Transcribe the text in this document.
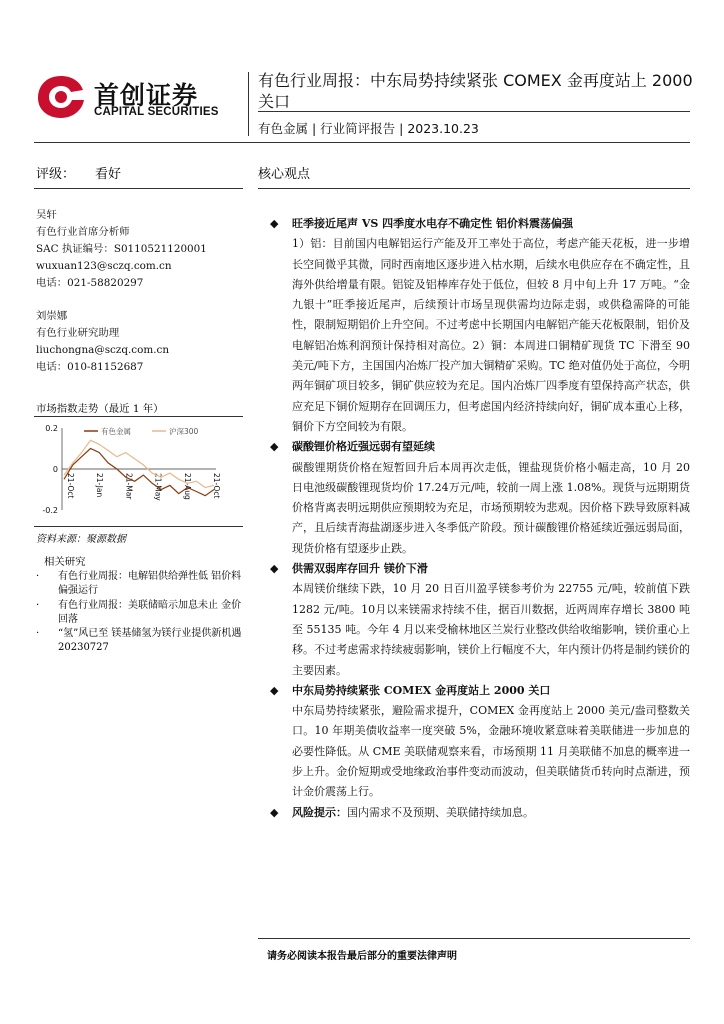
首创证券
CAPITAL SECURITIES
有色行业周报：中东局势持续紧张 COMEX 金再度站上 2000 关口
有色金属 | 行业简评报告 | 2023.10.23
评级： 看好	核心观点
吴轩
有色行业首席分析师
SAC 执证编号：S0110521120001
wuxuan123@sczq.com.cn
电话：021-58820297
刘崇娜
有色行业研究助理
liuchongna@sczq.com.cn
电话：010-81152687
市场指数走势（最近 1 年）
0.2
0
-0.2
21-Oct	21-Jan	21-Mar	21-May	21-Aug	21-Oct
有色金属	沪深300
资料来源：聚源数据
相关研究
· 有色行业周报：电解铝供给弹性低 铝价料偏强运行
· 有色行业周报：美联储暗示加息未止 金价回落
· “氢”风已至 镁基储氢为镁行业提供新机遇 20230727
◆ 旺季接近尾声 VS 四季度水电存不确定性 铝价料震荡偏强
1）铝：目前国内电解铝运行产能及开工率处于高位，考虑产能天花板，进一步增长空间微乎其微，同时西南地区逐步进入枯水期，后续水电供应存在不确定性，且海外供给增量有限。铝锭及铝棒库存处于低位，但较 8 月中旬上升 17 万吨。“金九银十”旺季接近尾声，后续预计市场呈现供需均边际走弱，或供稳需降的可能性，限制短期铝价上升空间。不过考虑中长期国内电解铝产能天花板限制，铝价及电解铝冶炼利润预计保持相对高位。2）铜：本周进口铜精矿现货 TC 下滑至 90 美元/吨下方，主国国内冶炼厂投产加大铜精矿采购。TC 绝对值仍处于高位，今明两年铜矿项目较多，铜矿供应较为充足。国内冶炼厂四季度有望保持高产状态，供应充足下铜价短期存在回调压力，但考虑国内经济持续向好，铜矿成本重心上移，铜价下方空间较为有限。
◆ 碳酸锂价格近强远弱有望延续
碳酸锂期货价格在短暂回升后本周再次走低，锂盐现货价格小幅走高，10 月 20 日电池级碳酸锂现货均价 17.24万元/吨，较前一周上涨 1.08%。现货与远期期货价格背离表明远期供应预期较为充足，市场预期较为悲观。因价格下跌导致原料减产，且后续青海盐湖逐步进入冬季低产阶段。预计碳酸锂价格延续近强远弱局面，现货价格有望逐步止跌。
◆ 供需双弱库存回升 镁价下滑
本周镁价继续下跌，10 月 20 日百川盈孚镁参考价为 22755 元/吨，较前值下跌 1282 元/吨。10月以来镁需求持续不佳，据百川数据，近两周库存增长 3800 吨至 55135 吨。今年 4 月以来受榆林地区兰炭行业整改供给收缩影响，镁价重心上移。不过考虑需求持续疲弱影响，镁价上行幅度不大，年内预计仍将是制约镁价的主要因素。
◆ 中东局势持续紧张 COMEX 金再度站上 2000 关口
中东局势持续紧张，避险需求提升，COMEX 金再度站上 2000 美元/盎司整数关口。10 年期美债收益率一度突破 5%，金融环境收紧意味着美联储进一步加息的必要性降低。从 CME 美联储观察来看，市场预期 11 月美联储不加息的概率进一步上升。金价短期或受地缘政治事件变动而波动，但美联储货币转向时点渐进，预计金价震荡上行。
◆ 风险提示：国内需求不及预期、美联储持续加息。
请务必阅读本报告最后部分的重要法律声明
